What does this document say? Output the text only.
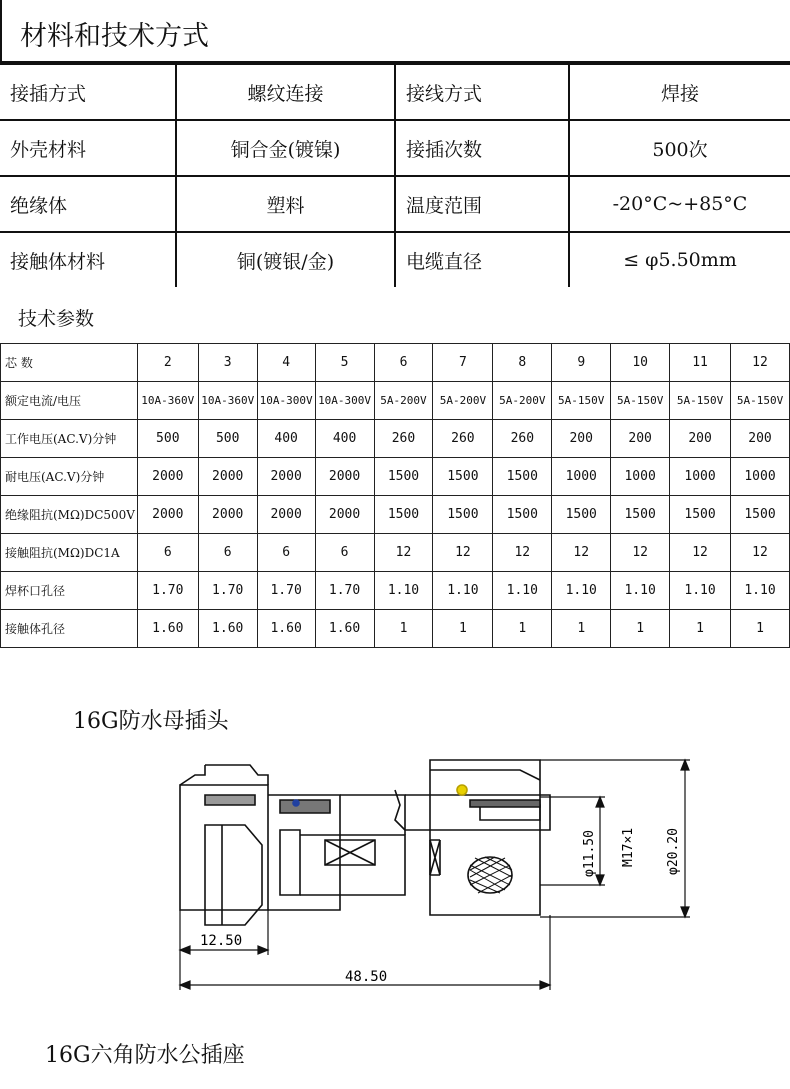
材料和技术方式
接插方式	螺纹连接	接线方式	焊接
外壳材料	铜合金(镀镍)	接插次数	500次
绝缘体	塑料	温度范围	-20°C~+85°C
接触体材料	铜(镀银/金)	电缆直径	≤ φ5.50mm
技术参数
芯 数	2	3	4	5	6	7	8	9	10	11	12
额定电流/电压	10A-360V	10A-360V	10A-300V	10A-300V	5A-200V	5A-200V	5A-200V	5A-150V	5A-150V	5A-150V	5A-150V
工作电压(AC.V)分钟	500	500	400	400	260	260	260	200	200	200	200
耐电压(AC.V)分钟	2000	2000	2000	2000	1500	1500	1500	1000	1000	1000	1000
绝缘阻抗(MΩ)DC500V	2000	2000	2000	2000	1500	1500	1500	1500	1500	1500	1500
接触阻抗(MΩ)DC1A	6	6	6	6	12	12	12	12	12	12	12
焊杯口孔径	1.70	1.70	1.70	1.70	1.10	1.10	1.10	1.10	1.10	1.10	1.10
接触体孔径	1.60	1.60	1.60	1.60	1	1	1	1	1	1	1
16G防水母插头
12.50
48.50
φ11.50 M17×1 φ20.20
16G六角防水公插座
